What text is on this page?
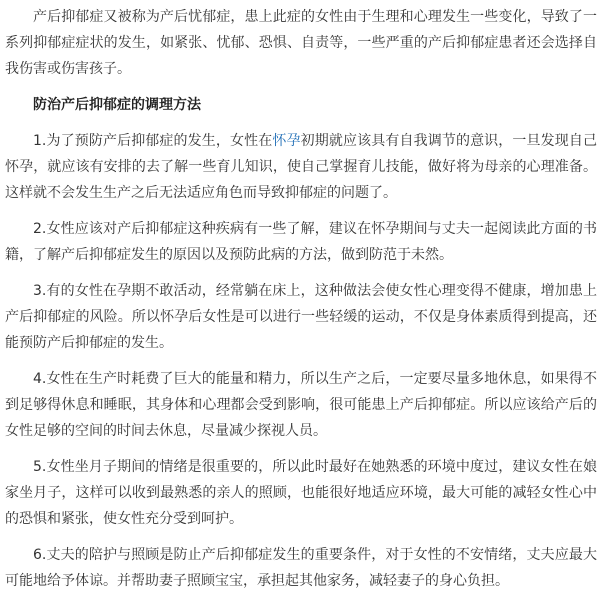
产后抑郁症又被称为产后忧郁症，患上此症的女性由于生理和心理发生一些变化，导致了一系列抑郁症症状的发生，如紧张、忧郁、恐惧、自责等，一些严重的产后抑郁症患者还会选择自我伤害或伤害孩子。

防治产后抑郁症的调理方法

1.为了预防产后抑郁症的发生，女性在怀孕初期就应该具有自我调节的意识，一旦发现自己怀孕，就应该有安排的去了解一些育儿知识，使自己掌握育儿技能，做好将为母亲的心理准备。这样就不会发生生产之后无法适应角色而导致抑郁症的问题了。

2.女性应该对产后抑郁症这种疾病有一些了解，建议在怀孕期间与丈夫一起阅读此方面的书籍，了解产后抑郁症发生的原因以及预防此病的方法，做到防范于未然。

3.有的女性在孕期不敢活动，经常躺在床上，这种做法会使女性心理变得不健康，增加患上产后抑郁症的风险。所以怀孕后女性是可以进行一些轻缓的运动，不仅是身体素质得到提高，还能预防产后抑郁症的发生。

4.女性在生产时耗费了巨大的能量和精力，所以生产之后，一定要尽量多地休息，如果得不到足够得休息和睡眠，其身体和心理都会受到影响，很可能患上产后抑郁症。所以应该给产后的女性足够的空间的时间去休息，尽量减少探视人员。

5.女性坐月子期间的情绪是很重要的，所以此时最好在她熟悉的环境中度过，建议女性在娘家坐月子，这样可以收到最熟悉的亲人的照顾，也能很好地适应环境，最大可能的减轻女性心中的恐惧和紧张，使女性充分受到呵护。

6.丈夫的陪护与照顾是防止产后抑郁症发生的重要条件，对于女性的不安情绪，丈夫应最大可能地给予体谅。并帮助妻子照顾宝宝，承担起其他家务，减轻妻子的身心负担。
